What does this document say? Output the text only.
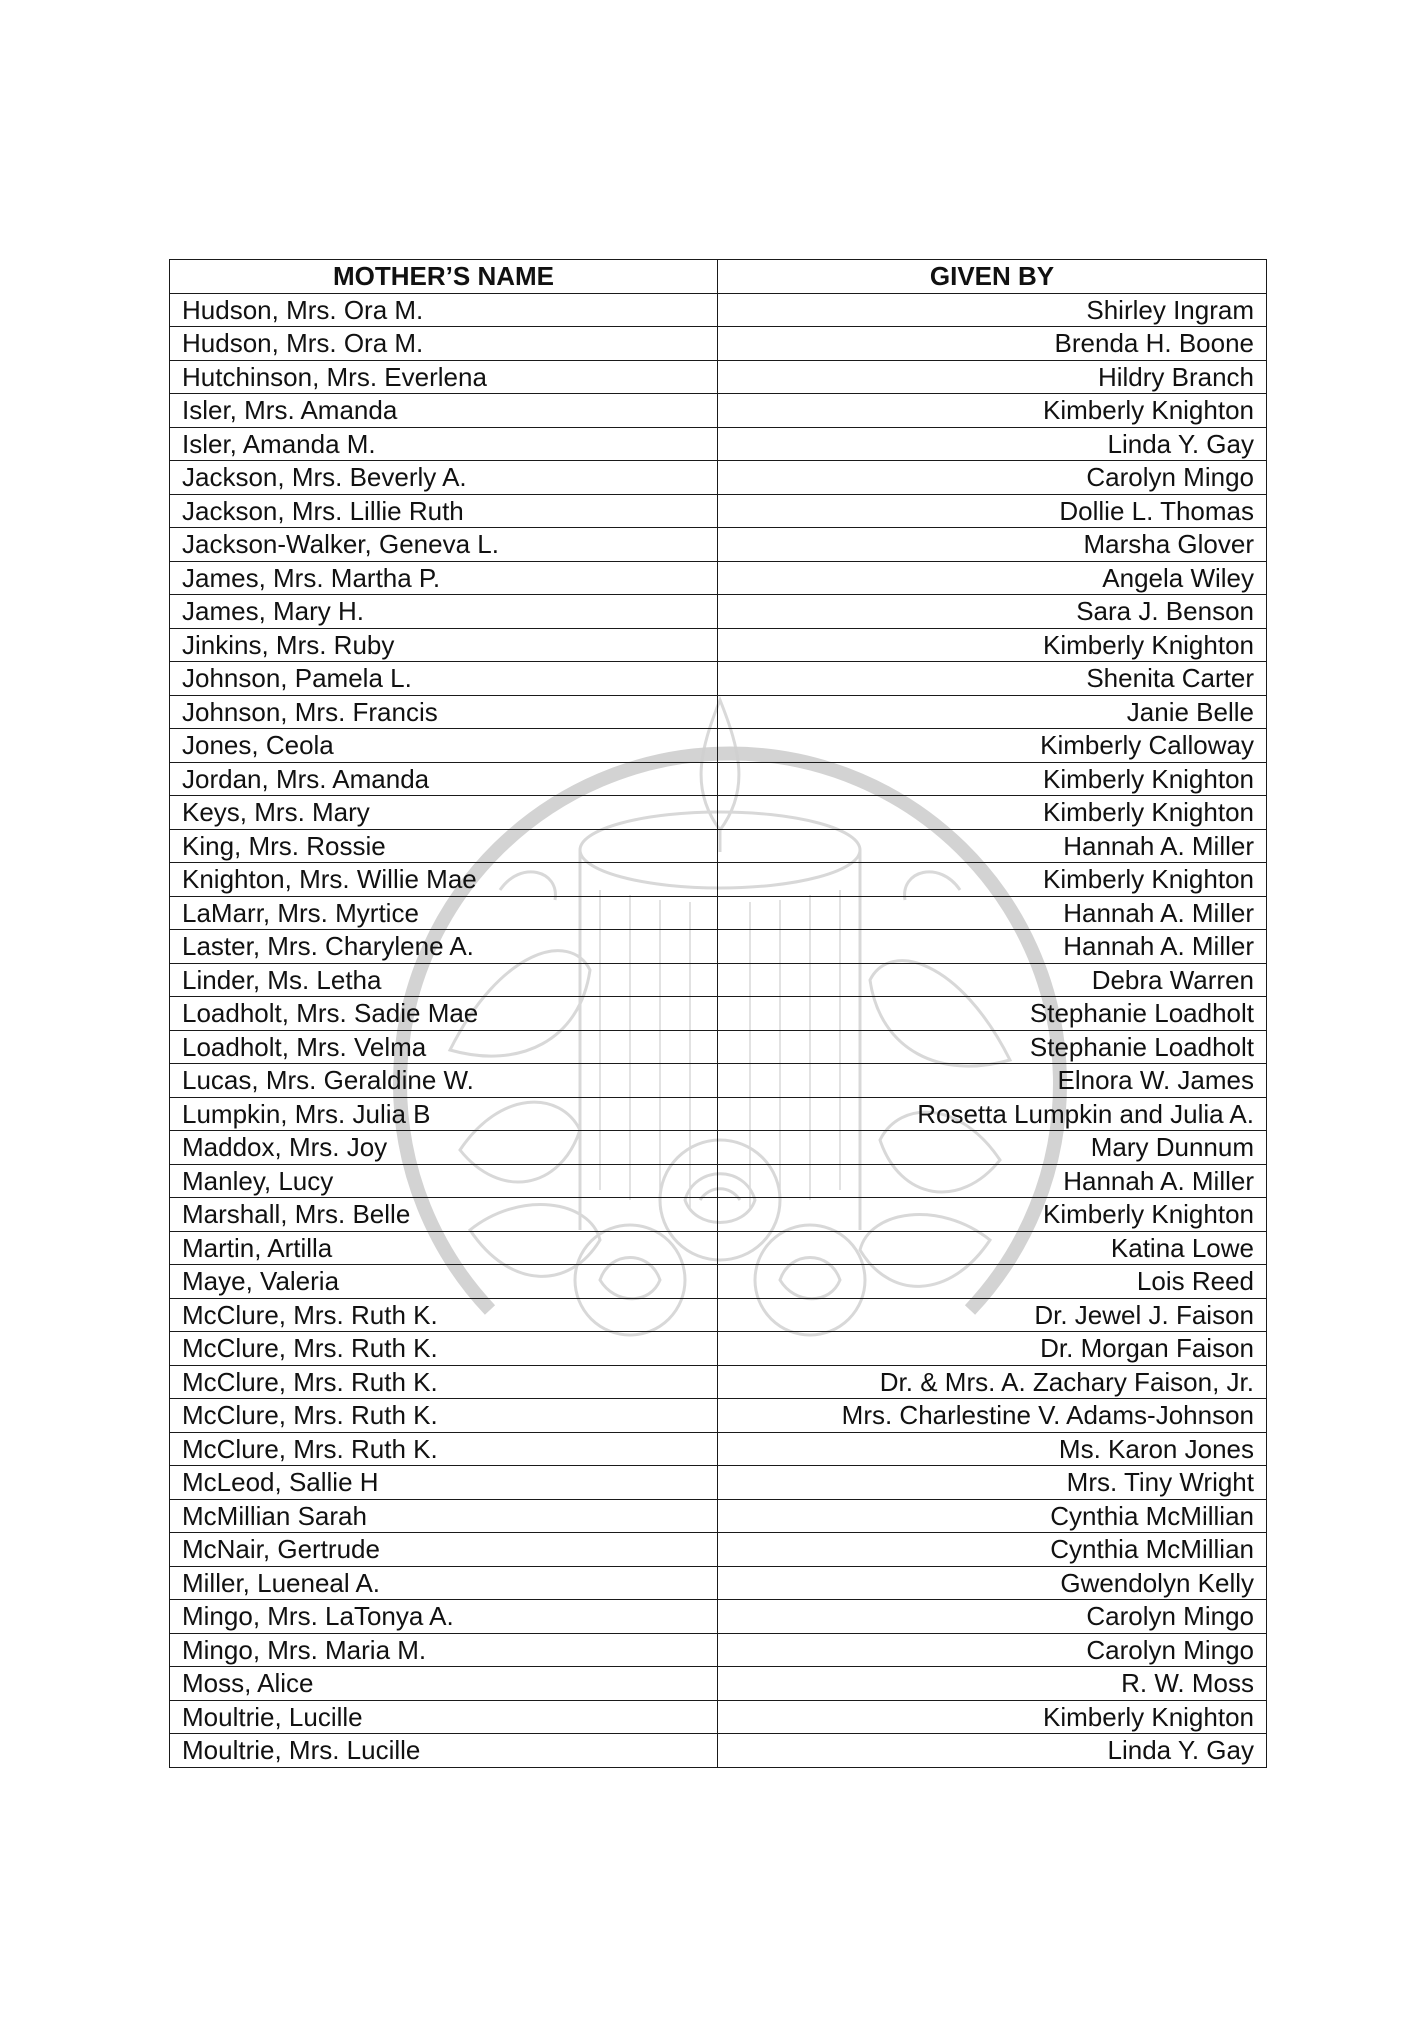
MOTHER’S NAME	GIVEN BY
Hudson, Mrs. Ora M.	Shirley Ingram
Hudson, Mrs. Ora M.	Brenda H. Boone
Hutchinson, Mrs. Everlena	Hildry Branch
Isler, Mrs. Amanda	Kimberly Knighton
Isler, Amanda M.	Linda Y. Gay
Jackson, Mrs. Beverly A.	Carolyn Mingo
Jackson, Mrs. Lillie Ruth	Dollie L. Thomas
Jackson-Walker, Geneva L.	Marsha Glover
James, Mrs. Martha P.	Angela Wiley
James, Mary H.	Sara J. Benson
Jinkins, Mrs. Ruby	Kimberly Knighton
Johnson, Pamela L.	Shenita Carter
Johnson, Mrs. Francis	Janie Belle
Jones, Ceola	Kimberly Calloway
Jordan, Mrs. Amanda	Kimberly Knighton
Keys, Mrs. Mary	Kimberly Knighton
King, Mrs. Rossie	Hannah A. Miller
Knighton, Mrs. Willie Mae	Kimberly Knighton
LaMarr, Mrs. Myrtice	Hannah A. Miller
Laster, Mrs. Charylene A.	Hannah A. Miller
Linder, Ms. Letha	Debra Warren
Loadholt, Mrs. Sadie Mae	Stephanie Loadholt
Loadholt, Mrs. Velma	Stephanie Loadholt
Lucas, Mrs. Geraldine W.	Elnora W. James
Lumpkin, Mrs. Julia B	Rosetta Lumpkin and Julia A.
Maddox, Mrs. Joy	Mary Dunnum
Manley, Lucy	Hannah A. Miller
Marshall, Mrs. Belle	Kimberly Knighton
Martin, Artilla	Katina Lowe
Maye, Valeria	Lois Reed
McClure, Mrs. Ruth K.	Dr. Jewel J. Faison
McClure, Mrs. Ruth K.	Dr. Morgan Faison
McClure, Mrs. Ruth K.	Dr. & Mrs. A. Zachary Faison, Jr.
McClure, Mrs. Ruth K.	Mrs. Charlestine V. Adams-Johnson
McClure, Mrs. Ruth K.	Ms. Karon Jones
McLeod, Sallie H	Mrs. Tiny Wright
McMillian Sarah	Cynthia McMillian
McNair, Gertrude	Cynthia McMillian
Miller, Lueneal A.	Gwendolyn Kelly
Mingo, Mrs. LaTonya A.	Carolyn Mingo
Mingo, Mrs. Maria M.	Carolyn Mingo
Moss, Alice	R. W. Moss
Moultrie, Lucille	Kimberly Knighton
Moultrie, Mrs. Lucille	Linda Y. Gay
